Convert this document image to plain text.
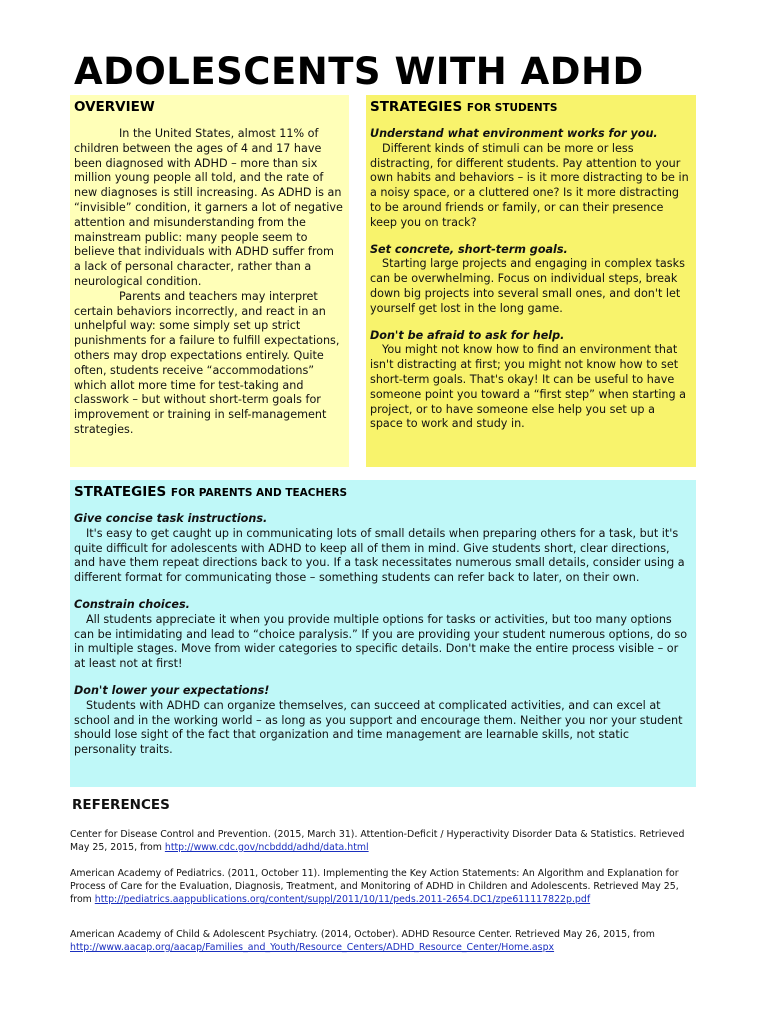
ADOLESCENTS WITH ADHD
OVERVIEW

In the United States, almost 11% of children between the ages of 4 and 17 have been diagnosed with ADHD – more than six million young people all told, and the rate of new diagnoses is still increasing. As ADHD is an “invisible” condition, it garners a lot of negative attention and misunderstanding from the mainstream public: many people seem to believe that individuals with ADHD suffer from a lack of personal character, rather than a neurological condition.

Parents and teachers may interpret certain behaviors incorrectly, and react in an unhelpful way: some simply set up strict punishments for a failure to fulfill expectations, others may drop expectations entirely. Quite often, students receive “accommodations” which allot more time for test-taking and classwork – but without short-term goals for improvement or training in self-management strategies.

STRATEGIES FOR STUDENTS

Understand what environment works for you.

Different kinds of stimuli can be more or less distracting, for different students. Pay attention to your own habits and behaviors – is it more distracting to be in a noisy space, or a cluttered one? Is it more distracting to be around friends or family, or can their presence keep you on track?

Set concrete, short-term goals.

Starting large projects and engaging in complex tasks can be overwhelming. Focus on individual steps, break down big projects into several small ones, and don't let yourself get lost in the long game.

Don't be afraid to ask for help.

You might not know how to find an environment that isn't distracting at first; you might not know how to set short-term goals. That's okay! It can be useful to have someone point you toward a “first step” when starting a project, or to have someone else help you set up a space to work and study in.

STRATEGIES FOR PARENTS AND TEACHERS

Give concise task instructions.

It's easy to get caught up in communicating lots of small details when preparing others for a task, but it's quite difficult for adolescents with ADHD to keep all of them in mind. Give students short, clear directions, and have them repeat directions back to you. If a task necessitates numerous small details, consider using a different format for communicating those – something students can refer back to later, on their own.

Constrain choices.

All students appreciate it when you provide multiple options for tasks or activities, but too many options can be intimidating and lead to “choice paralysis.” If you are providing your student numerous options, do so in multiple stages. Move from wider categories to specific details. Don't make the entire process visible – or at least not at first!

Don't lower your expectations!

Students with ADHD can organize themselves, can succeed at complicated activities, and can excel at school and in the working world – as long as you support and encourage them. Neither you nor your student should lose sight of the fact that organization and time management are learnable skills, not static personality traits.

REFERENCES

Center for Disease Control and Prevention. (2015, March 31). Attention-Deficit / Hyperactivity Disorder Data & Statistics. Retrieved May 25, 2015, from http://www.cdc.gov/ncbddd/adhd/data.html

American Academy of Pediatrics. (2011, October 11). Implementing the Key Action Statements: An Algorithm and Explanation for Process of Care for the Evaluation, Diagnosis, Treatment, and Monitoring of ADHD in Children and Adolescents. Retrieved May 25, from http://pediatrics.aappublications.org/content/suppl/2011/10/11/peds.2011-2654.DC1/zpe611117822p.pdf

American Academy of Child & Adolescent Psychiatry. (2014, October). ADHD Resource Center. Retrieved May 26, 2015, from http://www.aacap.org/aacap/Families_and_Youth/Resource_Centers/ADHD_Resource_Center/Home.aspx
